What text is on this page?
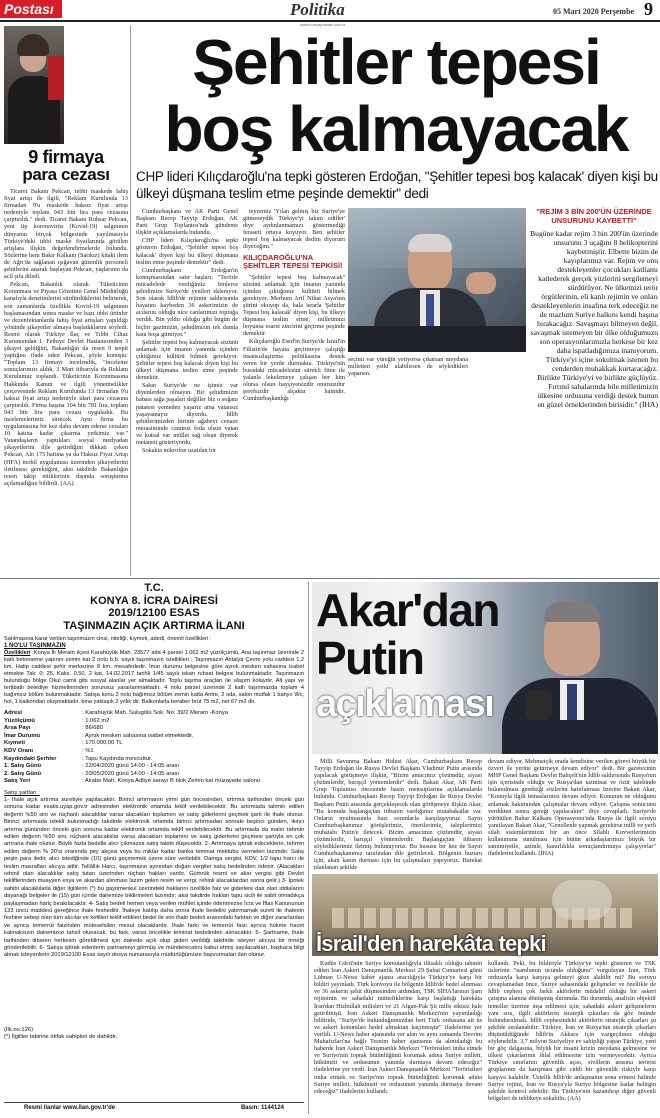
Postası	Politika	05 Mart 2020 Perşembe 9
www.konyapostasi.com.tr
9 firmaya
para cezası

Ticaret Bakanı Pekcan, tebbi maskede fahiş fiyat artışı ile ilgili, "Reklam Kurulunda 13 firmadan 9'u maskede haksız fiyat artışı nedeniyle toplam 943 bin lira para cezasına çarptırıldı." dedi. Ticaret Bakanı Ruhsar Pekcan, yeni tip koronavirüs (Kovid-19) salgınının dünyanın birçok bölgesinde yayılmasıyla Türkiye'deki tıbbi maske fiyatlarında görülen artışlara ilişkin değerlendirmelerde bulundu. Sözlerine hem Bakır Kalkanı (Sarıkız) kitaki ilem de Ağrı'da sağlanan ışığavan güzenlik personeli şehitlerini anarak başlayan Pekcan, yaşlarının da acil şifa diledi.

Pekcan, Bakanlık olarak Tüketicinin Korunması ve Piyasa Gözetimi Genel Müdürlüğü kanalıyla denetimlerini sürdürdüklerini belirterek, son zamanlarda özellikle Kovid-19 salgınının başlamasından sonra maske ve bazı tıbbi ürünler ve dezenfektanlarda fahiş fiyat artışları yapıldığı yönünde şikayetler almaya başladıklarını söyledi. Resmi olarak Türkiye İlaç ve Tıbbi Cihaz Kurumundan 1. Fethiye Devlet Hastanesinden 3 şikayet geldiğini, Bakanlığın da resen 9 tespit yaptığını ifade eden Pekcan, şöyle konuştu: "Toplam 13 firmayı incelendik, "inceleme sonuçlarımızı aldık. 3 Mart itibarıyla da Reklam Kurulumuz toplandı. Tüketicinin Korunmasına Hakkında Kanun ve ilgili yönetmelikler çerçevesinde Reklam Kurulunda 13 firmadan 9'u haksız fiyat artışı nedeniyle idari para cezasına çarptırıldı. Firma başına 104 bin 781 lira, toplam 943 bin lira para cezası uyguladık. Bu incelemelerimiz sürecek. Aynı firma bu uygulamasına bir kez daha devam ederse cezaları 10 katına kadar çıkarma yetkimiz var." Vatandaşların yaptıkları sosyal medyadan şikayetlerini dile getirdiğini dikkati çeken Pekcan, Alo 175 hattına ya da Haksız Fiyat Artışı (HFA) mobil uygulaması üzerinden şikayetlerini iletilmesi gerektiğini, aksi takdirde Bakanlığın resen takip ettiklerinin dışında soruşturma açılamadığını bildirdi. (AA)

Şehitler tepesi
boş kalmayacak
CHP lideri Kılıçdaroğlu'na tepki gösteren Erdoğan, "Şehitler tepesi boş kalacak' diyen kişi bu ülkeyi düşmana teslim etme peşinde demektir" dedi

Cumhurbaşkanı ve AK Parti Genel Başkanı Recep Tayyip Erdoğan, AK Parti Grup Toplantısı'nda gündeme ilişkin açıklamalarda bulundu.

CHP lideri Kılıçdaroğlu'na tepki gösteren Erdoğan, "Şehitler tepesi boş kalacak' diyen kişi bu ülkeyi düşmana teslim etme peşinde demektir" dedi.

Cumhurbaşkanı Erdoğan'ın konuşmasından satır başları; "Terörle mücadelede verdiğimiz binlerce şehidimize Suriye'de yenileri eklenıyor. Son olarak İdlib'de rejimin saldırısında hayatını kaybeden 36 askerimizin de acılarını olduğu nice canlarımızı toprağa verdik. Bin yıldır olduğu gibi bugün de hiçbir gazimizin, şehidimizin tek damla kanı boşa gitmiyor."

Şehitler tepesi boş kalmayacak sözünü anlamak için imanın yanında içinden çıktığımız kültürü bilmek gerekiyor. Şehitler tepesi boş kalacak diyen kişi bu ülkeyi düşmana teslim etme peşinde demektir.

Sakın Suriye'de ne işimiz var diyenlerden olmayın. Bir şehidimizin babası sağa paşaları değiller biz o soğanı patatesi yemeden yaşarız ama vatansız yaşayamayız diyordu. İdlib şehitlerimizden birinin ağabeyi cenaze merasiminde canımız feda olsun vatan ve kutsal var müllet sağ olsun diyerek metaneti gösteriyordu.

Sokakta mikrofon uzatılan bir

teyzemiz 'Yılan gelmiş biz Suriye'ye gitmeseydik Türkiye'yi takım ediller' diye aydınlanmamızı göstermediği feraseti ortaya koyuyor. Ben şehitler tepesi boş kalmayacak dedim diyorum diyeceğim."

KILIÇDAROĞLU'NA ŞEHİTLER TEPESİ TEPKİSİ!

"Şehitler tepesi boş kalmayacak" sözünü anlamak için imanın yanında içinden çıktığımız kültürü bilmek gerekiyor. Merhum Arif Nihat Asya'nın şiirini okuyup da, hala israrla 'Şehitler Tepesi boş kalacak' diyen kişi, bu ülkeyi düşmana teslim etme, milletimizi boyunsa esaret zincirini geçirme peşinde demektir.

Kılıçdaroğlu Esed'in Suriye'de İsrail'in Filistin'de hayata geçirmeye çalıştığı insansızlaştırma politikasına destek veren bir yerde durmakta. Türkiye'nin buradaki mücadelesini sürekli fitne ile yalanla lekelemeye çalışan her kim olursa olsun hayşiyetsizdir onursuzdur şerefsizdir alçaktır hainidir. Cumhurbaşkanlığı

seçimi var yüreğin yetiyorsa çıkarsan meydana milletten yetki alabilirsen de söyledikleri yaparsın.
"REJİM 3 BİN 200'ÜN ÜZERİNDE UNSURUNU KAYBETTİ"
Bugüne kadar rejim 3 bin 200'ün üzerinde unsurunu 3 uçağını 8 helikopterini kaybetmiştir. Elbette bizim de kayıplarımız var. Rejim ve onu destekleyenler çocukları katliamı katlederek gerçek yüzlerini sergilemeyi sürdürüyor. Ne ülkemizi terör örgütlerinin, eli kanlı rejimin ve onları destekleyenlerin insafına terk edeceğiz ne de mazlum Suriye halkını kendi başına bırakacağız. Savaşmayı bilmeyen değil, savaşmak istemeyen bir ülke olduğumuzu son operasyonlarımızla herkese bir kez daha ispatladığımıza inanıyorum. Türkiye'yi içine sokulmak istenen bu cenderden muhakkak kurtaracağız. Birlikte Türkiye'yi ve birlikte güçlüyüz. Fırtınıl sahalarında bile milletimizin ülkesine ordusuna verdiği destek bunun en güzel örneklerinden birisidir." (İHA)
T.C.
KONYA 8. İCRA DAİRESİ
2019/12100 ESAS
TAŞINMAZIN AÇIK ARTIRMA İLANI
Satılmasına karar verilen taşınmazın cinsi, niteliği, kıymeti, adedi, önemli özellikleri :
1 NO'LU TAŞINMAZIN
Özellikleri :Konya İli Meram ilçesi Karahüyük Mah. 23577 ada 4 parsel 1.062 m2 yüzölçümlü, Ana taşınmaz üzerinde 2 katlı betonarme yapının zemin kat 2 nolu b.b. sayılı taşınmazın özellikleri : Taşınmazın Antalya Çevre yolu caddesi 1,2 km. Hatip caddesi şehir merkezine 8 km. mesafededir. İmar durumu belgesine göre aynık mesken sahasına isabet etmekte Tak: 0; 25, Kaks. 0.50, 2 kat, 14.02.2017 tarihli 1/45 sayılı iskan ruhsat belgesi bulunmaktadır. Taşınmazın bulunduğu bölge Okul camii gibi sosyal alanlar yer almaktadır. Toplu taşıma araçları ile ulaşım kolaydır. Alt yapı ve tertibatlı belediye hizmetlerinden sorunsuz yararlanmaktadır. 4 nolu parsel üzerinde 2 katlı taşınmazda toplam 4 bağımsız bölüm bulunmaktadır. Satışa konu 2 nolu bağımsız bölüm zemin katta Antre, 2 oda, salon mutfak 1 banyo Wc, hol, 1 balkondan oluşmaktadır. bina yaklaşık 2 yıllık dir. Balkonlarla beraber brüt 75 m2, net 67 m2 dir.
Adresi	: Karahüyük Mah. Sulugölü Sok. No: 39/2 Meram -Konya
Yüzölçümü	: 1.062 m2
Arsa Payı	: 86/680
İmar Durumu	: Aynık mesken sahasına isabet etmektedir.
Kıymeti	: 170.000,00 TL
KDV Oranı	: %1
Kaydındaki Şerhler	: Tapu Kaydında mevcuttur.
1. Satış Günü	: 22/04/2020 günü 14:00 - 14:05 arası
2. Satış Günü	: 20/05/2020 günü 14:00 - 14:05 arası
Satış Yeri	: Akabe Mah. Konya Adliye sarayı B blok Zemin kat müzayede salonu
Satış şartları :
1- İhale açık artırma suretiyle yapılacaktır. Birinci artırmanın yirmi gün öncesinden, artırma tarihinden önceki gün sonuna kadar esatis.uyap.gov.tr adresinden elektronik ortamda teklif verilebilecektir. Bu artırmada tahmin edilen değerin %50 sini ve rüçhanlı alacaklılar varsa alacakları toplamını ve satış giderlerini geçmek şartı ile ihale olunur. Birinci artırmada istekli bulunmadığı takdirde elektronik ortamda birinci artırmadan sonraki beşinci günden, ikinci artırma gününden önceki gün sonuna kadar elektronik ortamda teklif verilebilecektir. Bu artırmada da malın tahmin edilen değerin %50 sini, rüçhanlı alacaklılar varsa alacakları toplamını ve satış giderlerini geçmesi şartıyla en çok artırana ihale olunur. Böyle fazla bedelle alıcı çıkmazsa satış talebi düşecektir. 2- Artırmaya iştirak edeceklerin, tahmin edilen değerin % 20'si oranında pey akçesi veya bu miktar kadar banka teminat mektubu vermeleri lazımdır. Satış peşin para iledir, alıcı istediğinde (10) günü geçmemek üzere süre verilebilir. Damga vergisi, KDV, 1/2 tapu harcı ile teslim masrafları alıcıya aittir. Tellâllık Harcı, taşınmazın aynından doğan vergiler satış bedelinden ödenir. (Alacakları rehinli olan alacaklılar satış tutarı üzerinden rüçhan hakları vardır. Gümrük resmi ve akar vergisi gibi Devlet tekliflerinden muayyen esya ve akardan alınması lazım gelen resim ve vergi, rehinli alacaklardan sonra gelir.) 3- İpotek sahibi alacaklılarla diğer ilgililerin (*) bu gayrimenkul üzerindeki haklarını özellikle faiz ve giderlere dair olan iddialarını dayanağı belgeler ile (15) gün içinde dairemize bildirmeleri lazımdır; aksi takdirde hakları tapu sicili ile sabit olmadıkça paylaşmadan hariç bırakılacaktır. 4- Satış bedeli hemen veya verilen mühlet içinde ödenmezse İcra ve İflas Kanununun 133 üncü maddesi gereğince ihale feshedilir. İhaleye katılıp daha sonra ihale bedelini yatırmamak sureti ile ihalenin feshine sebep olan tüm alıcılar ve kefilleri teklif ettikleri bedel ile son ihale bedeli arasındaki farktan ve diğer zararlardan ve ayrıca temerrüt faizinden müteselsilen mesul olacaklardır. İhale farkı ve temerrüt faizi ayrıca hükme hacet kalmaksızın dairemizce tahsil olunacak, bu fark, varsa öncelikle teminat bedelinden alınacaktır. 5- Şartname, ihale tarihinden itibaren herkesin görebilmesi için dairede açık olup gideri verildiği takdirde isteyen alıcıya bir örneği gönderilebilir. 6- Satışa iştirak edenlerin şartnameyi görmüş ve münderecatını kabul etmiş sayılacakları, başkaca bilgi almak isteyenlerin 2019/12100 Esas sayılı dosya numarasıyla müdürlüğümüze başvurmaları ilan olunur.
(İlk.no.126)
(*) İlgililer tabirine irtifak sahipleri de dahildir.
Resmi ilanlar www.ilan.gov.tr'de	Basın: 1144124
Akar'dan
Putin
açıklaması
Milli Savunma Bakanı Hulusi Akar, Cumhurbaşkanı Recep Tayyip Erdoğan ile Rusya Devlet Başkanı Vladimir Putin arasında yapılacak görüşmeye ilişkin, "Bizim amacımız çözümdür, siyasi çözümlerdir, barışçıl yöntemlerdir" dedi. Bakan Akar, AK Parti Grup Toplantısı öncesinde basın mensuplarına açıklamalarda bulundu. Cumhurbaşkanı Recep Tayyip Erdoğan ile Rusya Devlet Başkanı Putin arasında gerçekleşecek olan görüşmeye ilişkin Akar, "Bu konuda başlangıçtan itibaren vardığımız mutabakatlar var. Onların uyulmasında bazı sorunlarla karşılaşıyoruz. Sayın Cumhurbaşkanımız görüşlerimiz, önerilerimiz, taleplerimizi muhatabı Putin'e iletecek. Bizim amacımız çözümdür, siyasi çözümlerdir, barışçıl yöntemlerdir. Başlangıçtan itibaren söylediklerimiz iletmiş bulunuyoruz. Bu hususu bir kez de Sayın Cumhurbaşkanımız tarafından dile getirilecek. Bölgenin huzuru için, akan kanın durması için bu çalışmaları yapıyoruz. Harekat planlanan şekilde
devam ediyor. Mehmetçik orada kendisine verilen görevi büyük bir özveri ile yerine getirmeye devam ediyor" dedi. Bir gazetecinin MHP Genel Başkanı Devlet Bahçeli'nin İdlib saldırısında Rusya'nın işin içerisinde olduğu ve Rusya'dan tazminat ve özür talebinde bulunulması gerektiği sözlerini hatırlatması üzerine Bakan Akar, "Konuyla ilgili temaslarımız devam ediyor. Konunun ne olduğunu anlamak bakımından çalışmalar devam ediyor. Çalışma sonucunu verdikten sonra gereği yapılacaktır" diye cevapladı. Suriye'de yürütülen Bahar Kalkanı Operasyonu'nda Rusya ile ilgili soruyu yanıtlayan Bakan Akar, "Genellenle yapmak gerekirse milli ve yerli silah sistemlerimizin bir an önce Silahlı Kuvvetlerimizin kullanımına sunulması için bütün arkadaşlarımızı büyük bir samimiyetle, azimle, kararlılıkla sonuçlandırmaya çalışıyorlar" ifadelerini kullandı. (İHA)
İsrail'den harekâta tepki
Kudüs Gücü'nün Suriye komutanlığıyla iltisaklı olduğu tahmin edilen İran Askeri Danışmanlık Merkezi 29 Şubat Cumartesi günü Lübnan U-News haber ajansı aracılığıyla Türkiye'ye karşı bir bildiri yayınladı. Türk konvoyu ile bölgenin İdlib'de hedef alınması ve 36 askerin şehit düşmesinden ardından, TSK SİHA'larının Şam rejiminin ve sahadaki müttefiklerine karşı başlattığı harekâta İran'dan Hizbullah milisleri ve 21 Afgan-Pak Şii milis etkisiz hale getirilmişti. İran Askeri Danışmanlık Merkezi'nin yayımladığı bildiride, "Suriye'de bulunduğumuzdan beri Türk ordusuna ait üs ve askeri konumları hedef almaktan kaçınmıştır" ifadelerine yer verildi. U-News haber ajansında yer alan ve aynı zamanda Devrim Muhafızları'na bağlı Tesnim haber ajansının da alıntıladığı bu haberde İran Askeri Danışmanlık Merkezi "Teröristleri imha etmek ve Suriye'nin toprak bütünlüğünü korumak adına Suriye milleti, hükümeti ve ordusunun yanında durmaya devam edeceğiz" ifadelerine yer verdi. İran Askeri Danışmanlık Merkezi "Teröristleri imha etmek ve Suriye'nin toprak bütünlüğünü korumak adına Suriye milleti, hükümeti ve ordusunun yanında durmaya devam edeceğiz" ifadelerini kullandı.
kullandı. Peki, bu bildiriyle Türkiye'ye tepki gösteren ve TSK üslerinin "namlunun ucunda olduğunu" vurgulayan İran, Türk ordusuyla karşı karşıya gelmeyi göze alabilir mi? Bu soruyu cevaplamadan önce, Suriye sahasındaki gelişmeler ve özellikle de İdlib cephesi çok farklı aktörlerin müdahil olduğu bir askeri çatışma alanına dönüşmüş durumda. Bu durumda, analizin objektif temeller üzerine inşa edilmesi için, sahadaki askeri gelişmelerin yanı sıra, ilgili aktörlerin stratejik çıkarları da göz önünde bulundurulmalı. İdlib cephesindeki aktörlerin stratejik çıkarları şu şekilde sıralanabilir: Türkiye, İran ve Rusya'nın stratejik çıkarları düşünüldüğünde İdlib'in Akkara için vazgeçilmez olduğu söylenebilir. 3,7 milyon Suriyeliye ev sahipliği yapan Türkiye, yeni bir göç dalgasına, büyük bir insani krizin meydana gelmesine ve ülkesi çıkarlarının ihlal edilmesine izin vermeyecektir. Ayrıca Türkiye sınırlarını güvenlik açısı, sivillerin arasına terörist gruplarının da karışması gibi ciddi bir güvenlik riskiyle karşı karşıya kalabilir. Üstelik İdlib'de anlaşmanın sona ermesi halinde Suriye rejimi, İran ve Rusya'yla Suriye bölgesine kadar belirgin şekilde kontrol edebilir. Bu Türkiye'nin kazandırıp diğer güvenli bölgeleri de tehlikeye sokabilir. (AA)
